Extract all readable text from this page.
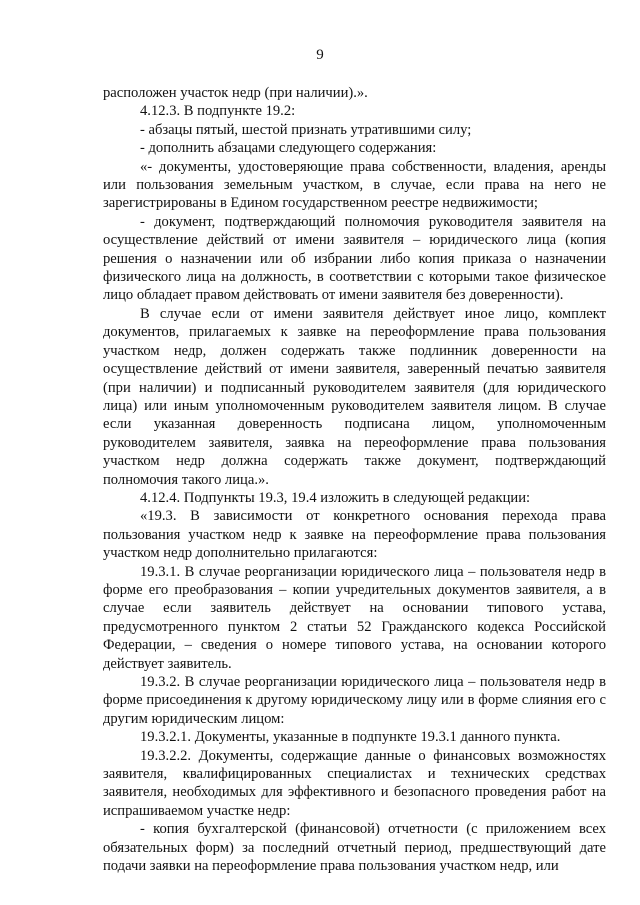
9

расположен участок недр (при наличии).».

4.12.3. В подпункте 19.2:

- абзацы пятый, шестой признать утратившими силу;

- дополнить абзацами следующего содержания:

«- документы, удостоверяющие права собственности, владения, аренды или пользования земельным участком, в случае, если права на него не зарегистрированы в Едином государственном реестре недвижимости;

- документ, подтверждающий полномочия руководителя заявителя на осуществление действий от имени заявителя – юридического лица (копия решения о назначении или об избрании либо копия приказа о назначении физического лица на должность, в соответствии с которыми такое физическое лицо обладает правом действовать от имени заявителя без доверенности).

В случае если от имени заявителя действует иное лицо, комплект документов, прилагаемых к заявке на переоформление права пользования участком недр, должен содержать также подлинник доверенности на осуществление действий от имени заявителя, заверенный печатью заявителя (при наличии) и подписанный руководителем заявителя (для юридического лица) или иным уполномоченным руководителем заявителя лицом. В случае если указанная доверенность подписана лицом, уполномоченным руководителем заявителя, заявка на переоформление права пользования участком недр должна содержать также документ, подтверждающий полномочия такого лица.».

4.12.4. Подпункты 19.3, 19.4 изложить в следующей редакции:

«19.3. В зависимости от конкретного основания перехода права пользования участком недр к заявке на переоформление права пользования участком недр дополнительно прилагаются:

19.3.1. В случае реорганизации юридического лица – пользователя недр в форме его преобразования – копии учредительных документов заявителя, а в случае если заявитель действует на основании типового устава, предусмотренного пунктом 2 статьи 52 Гражданского кодекса Российской Федерации, – сведения о номере типового устава, на основании которого действует заявитель.

19.3.2. В случае реорганизации юридического лица – пользователя недр в форме присоединения к другому юридическому лицу или в форме слияния его с другим юридическим лицом:

19.3.2.1. Документы, указанные в подпункте 19.3.1 данного пункта.

19.3.2.2. Документы, содержащие данные о финансовых возможностях заявителя, квалифицированных специалистах и технических средствах заявителя, необходимых для эффективного и безопасного проведения работ на испрашиваемом участке недр:

- копия бухгалтерской (финансовой) отчетности (с приложением всех обязательных форм) за последний отчетный период, предшествующий дате подачи заявки на переоформление права пользования участком недр, или
